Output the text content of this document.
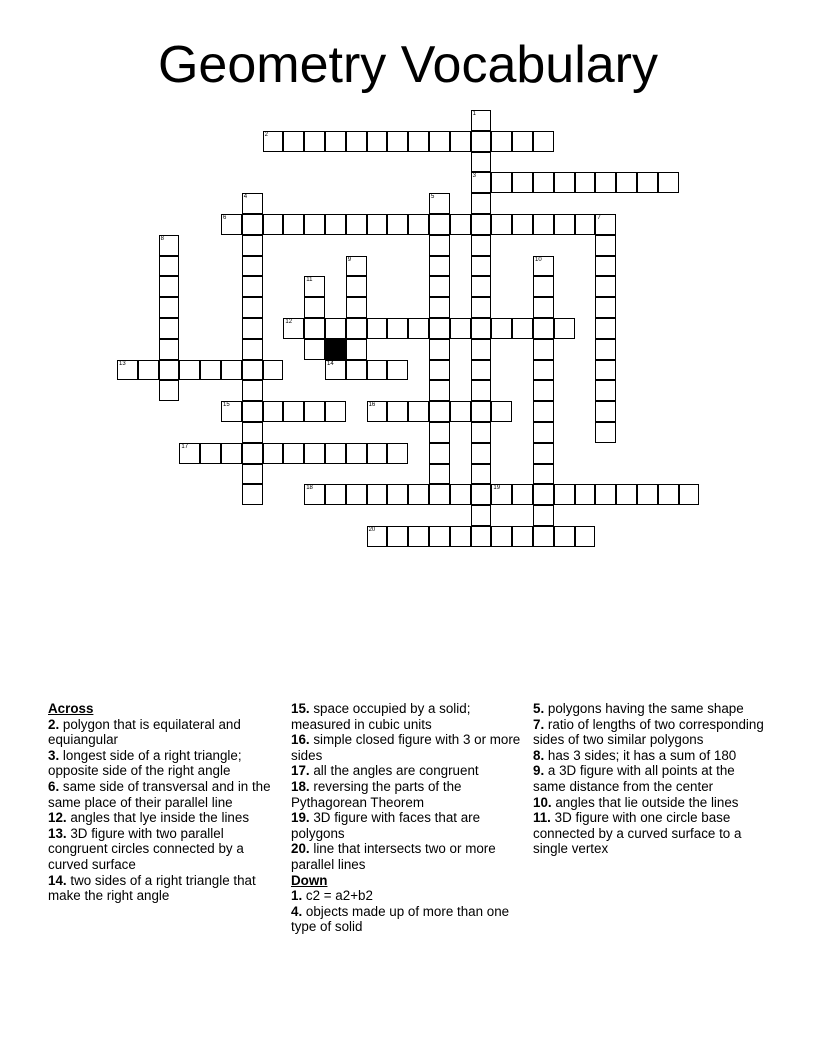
Geometry Vocabulary
1
3
2
4	5
6	7
8
9	10
11
12
13	14
15	16
17
18	19
20
Across
2. polygon that is equilateral and equiangular
3. longest side of a right triangle; opposite side of the right angle
6. same side of transversal and in the same place of their parallel line
12. angles that lye inside the lines
13. 3D figure with two parallel congruent circles connected by a curved surface
14. two sides of a right triangle that make the right angle
15. space occupied by a solid; measured in cubic units
16. simple closed figure with 3 or more sides
17. all the angles are congruent
18. reversing the parts of the Pythagorean Theorem
19. 3D figure with faces that are polygons
20. line that intersects two or more parallel lines
Down
1. c2 = a2+b2
4. objects made up of more than one type of solid
5. polygons having the same shape
7. ratio of lengths of two corresponding sides of two similar polygons
8. has 3 sides; it has a sum of 180
9. a 3D figure with all points at the same distance from the center
10. angles that lie outside the lines
11. 3D figure with one circle base connected by a curved surface to a single vertex
